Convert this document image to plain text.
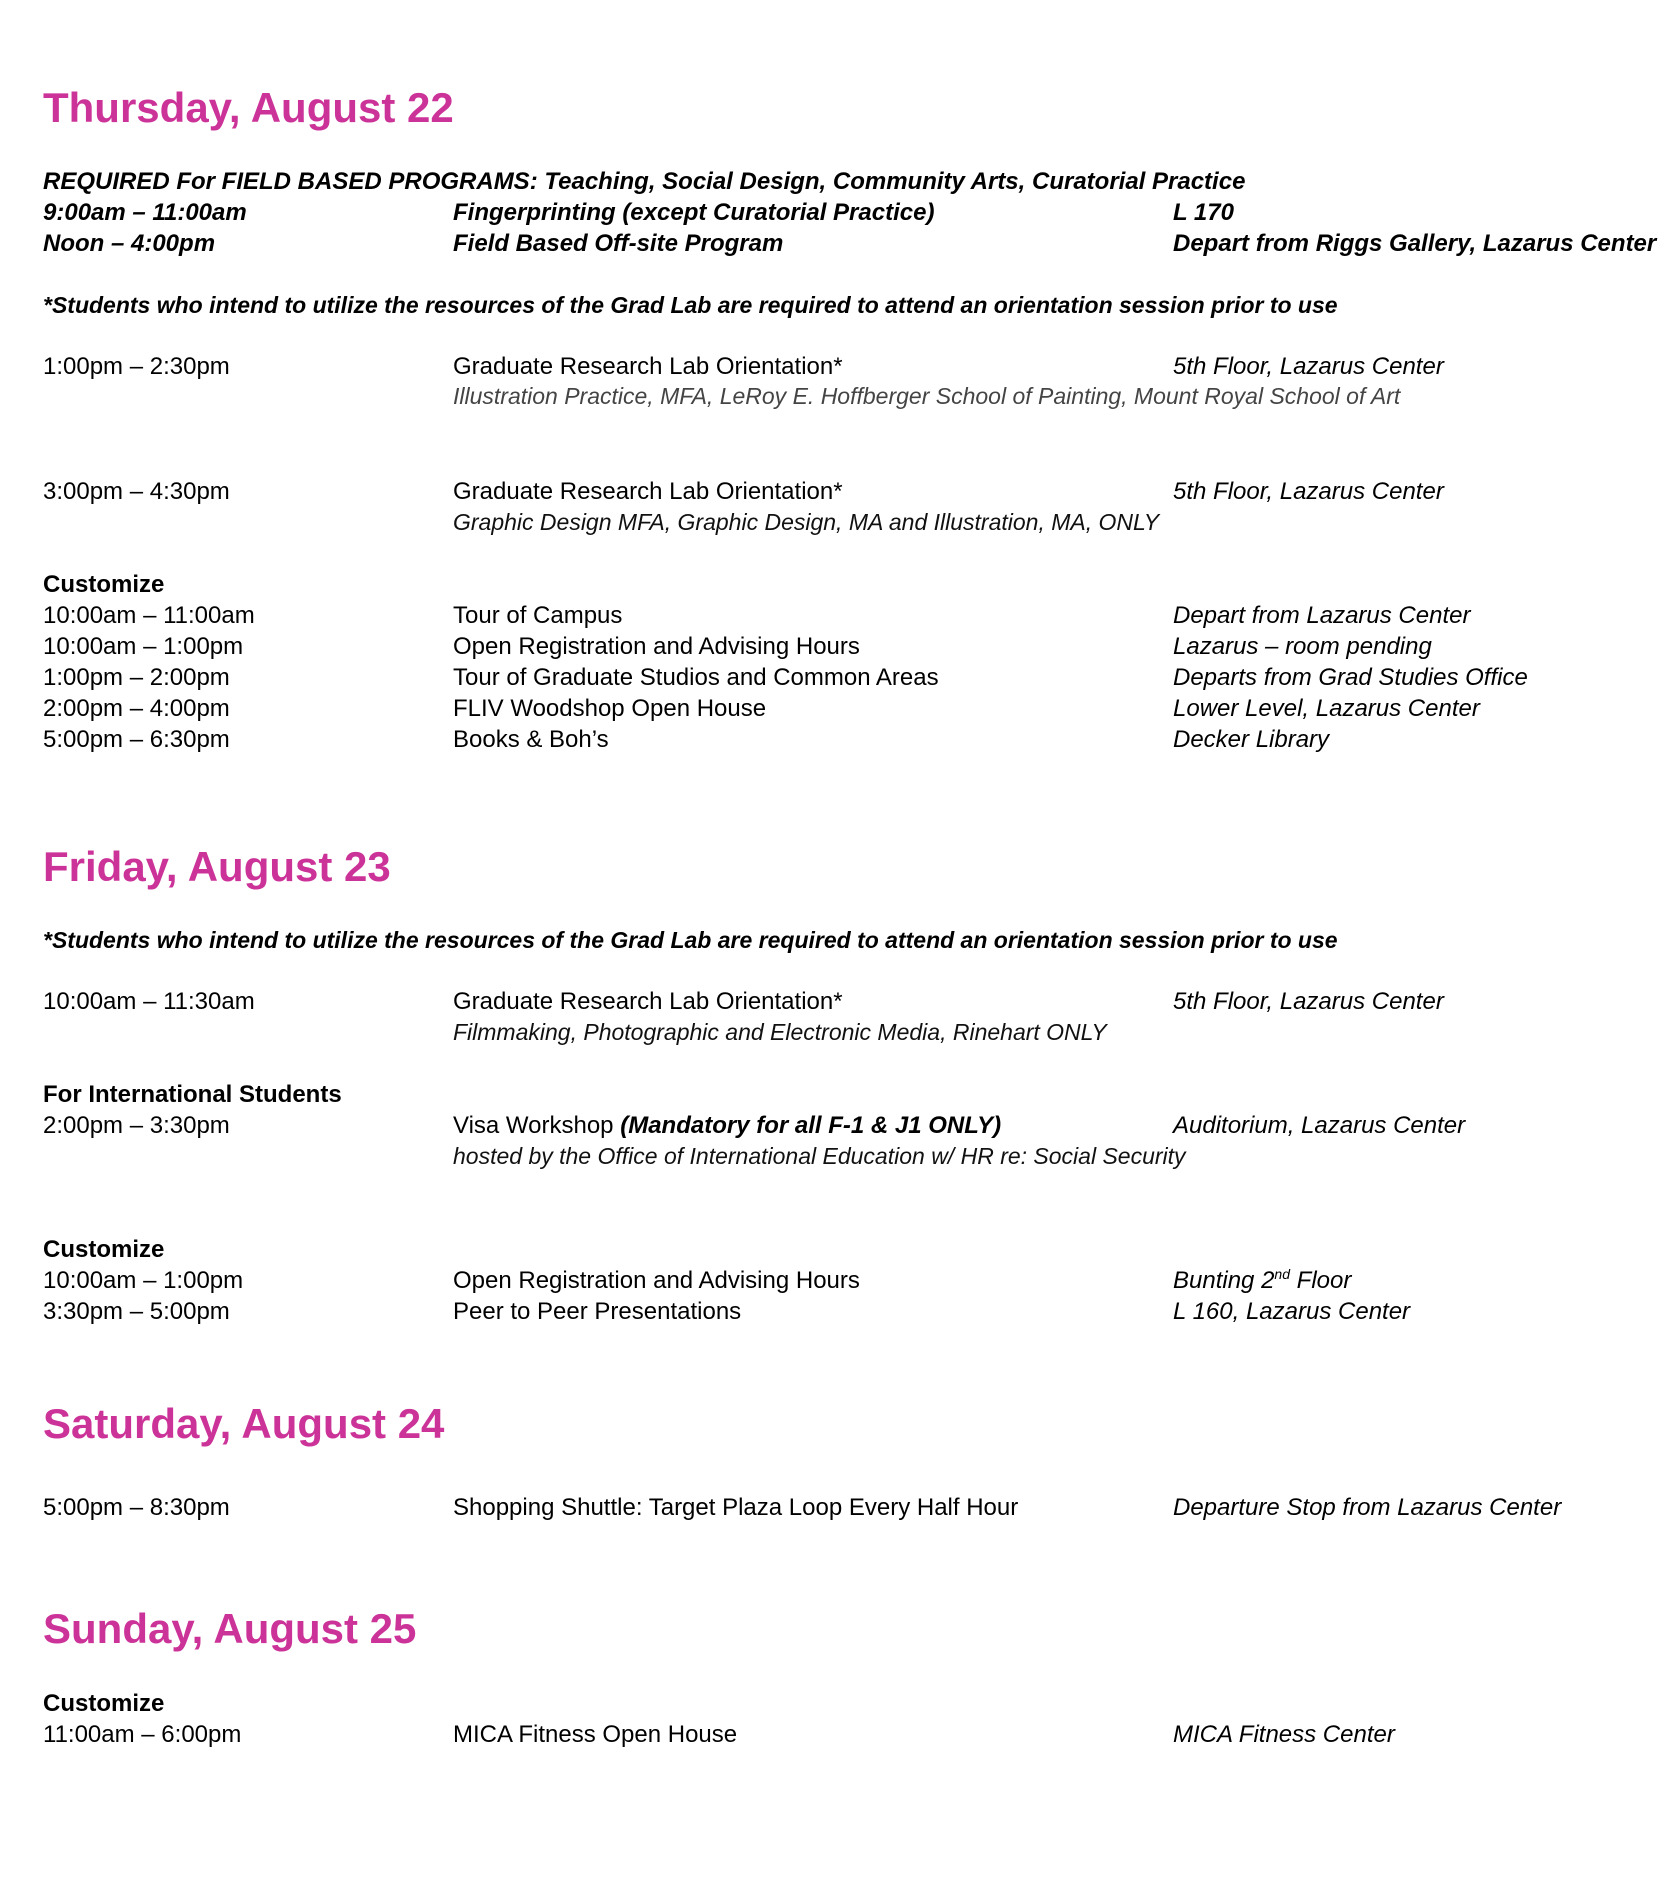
Thursday, August 22
REQUIRED For FIELD BASED PROGRAMS: Teaching, Social Design, Community Arts, Curatorial Practice
9:00am – 11:00am	Fingerprinting (except Curatorial Practice)	L 170
Noon – 4:00pm	Field Based Off-site Program	Depart from Riggs Gallery, Lazarus Center
*Students who intend to utilize the resources of the Grad Lab are required to attend an orientation session prior to use
1:00pm – 2:30pm	Graduate Research Lab Orientation*	5th Floor, Lazarus Center
Illustration Practice, MFA, LeRoy E. Hoffberger School of Painting, Mount Royal School of Art
3:00pm – 4:30pm	Graduate Research Lab Orientation*	5th Floor, Lazarus Center
Graphic Design MFA, Graphic Design, MA and Illustration, MA, ONLY
Customize
10:00am – 11:00am	Tour of Campus	Depart from Lazarus Center
10:00am – 1:00pm	Open Registration and Advising Hours	Lazarus – room pending
1:00pm – 2:00pm	Tour of Graduate Studios and Common Areas	Departs from Grad Studies Office
2:00pm – 4:00pm	FLIV Woodshop Open House	Lower Level, Lazarus Center
5:00pm – 6:30pm	Books & Boh’s	Decker Library
Friday, August 23
*Students who intend to utilize the resources of the Grad Lab are required to attend an orientation session prior to use
10:00am – 11:30am	Graduate Research Lab Orientation*	5th Floor, Lazarus Center
Filmmaking, Photographic and Electronic Media, Rinehart ONLY
For International Students
2:00pm – 3:30pm	Visa Workshop (Mandatory for all F-1 & J1 ONLY)	Auditorium, Lazarus Center
hosted by the Office of International Education w/ HR re: Social Security
Customize
10:00am – 1:00pm	Open Registration and Advising Hours	Bunting 2nd Floor
3:30pm – 5:00pm	Peer to Peer Presentations	L 160, Lazarus Center
Saturday, August 24
5:00pm – 8:30pm	Shopping Shuttle: Target Plaza Loop Every Half Hour	Departure Stop from Lazarus Center
Sunday, August 25
Customize
11:00am – 6:00pm	MICA Fitness Open House	MICA Fitness Center
